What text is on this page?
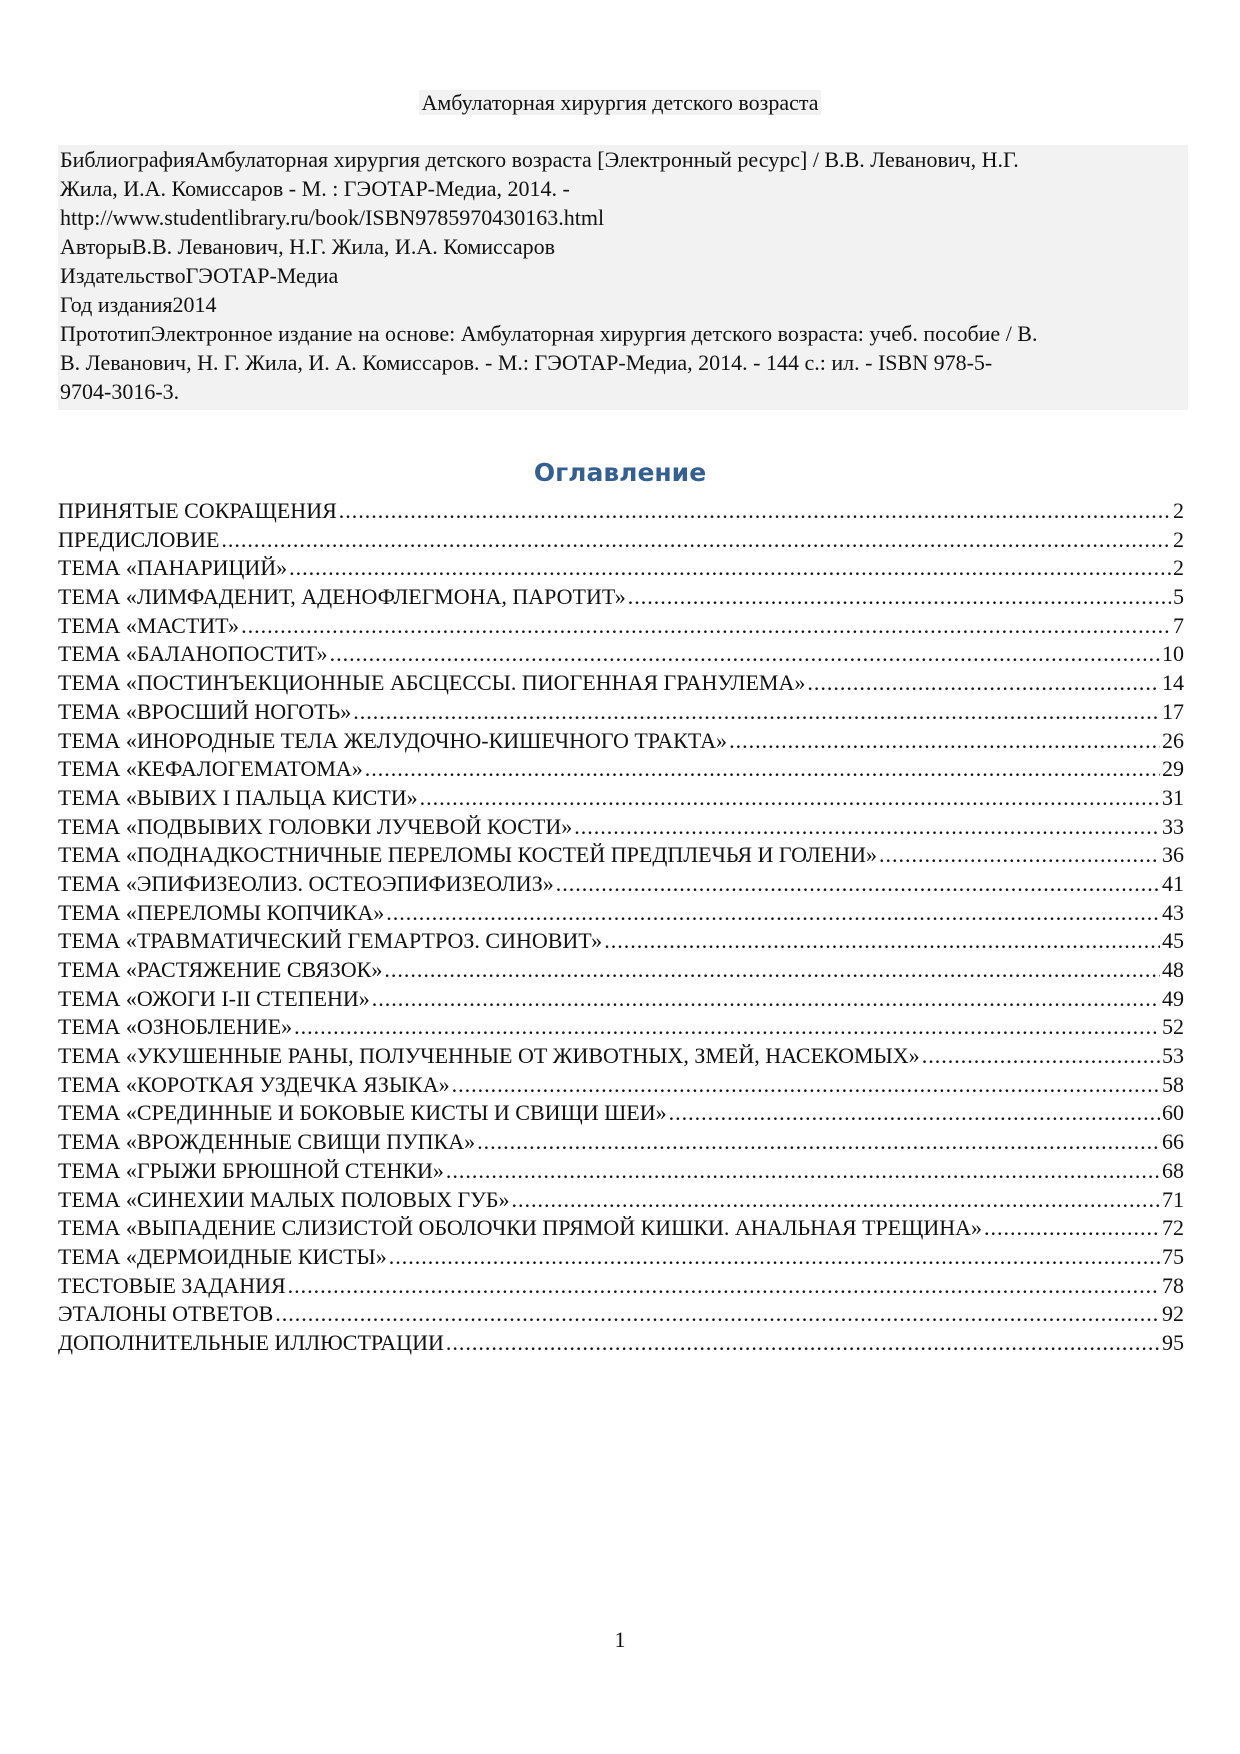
Амбулаторная хирургия детского возраста
БиблиографияАмбулаторная хирургия детского возраста [Электронный ресурс] / В.В. Леванович, Н.Г.
Жила, И.А. Комиссаров - М. : ГЭОТАР-Медиа, 2014. -
http://www.studentlibrary.ru/book/ISBN9785970430163.html
АвторыВ.В. Леванович, Н.Г. Жила, И.А. Комиссаров
ИздательствоГЭОТАР-Медиа
Год издания2014
ПрототипЭлектронное издание на основе: Амбулаторная хирургия детского возраста: учеб. пособие / В.
В. Леванович, Н. Г. Жила, И. А. Комиссаров. - М.: ГЭОТАР-Медиа, 2014. - 144 с.: ил. - ISBN 978-5-
9704-3016-3.
Оглавление
ПРИНЯТЫЕ СОКРАЩЕНИЯ .....	2
ПРЕДИСЛОВИЕ .....	2
ТЕМА «ПАНАРИЦИЙ» .....	2
ТЕМА «ЛИМФАДЕНИТ, АДЕНОФЛЕГМОНА, ПАРОТИТ» .....	5
ТЕМА «МАСТИТ» .....	7
ТЕМА «БАЛАНОПОСТИТ» .....	10
ТЕМА «ПОСТИНЪЕКЦИОННЫЕ АБСЦЕССЫ. ПИОГЕННАЯ ГРАНУЛЕМА» .....	14
ТЕМА «ВРОСШИЙ НОГОТЬ» .....	17
ТЕМА «ИНОРОДНЫЕ ТЕЛА ЖЕЛУДОЧНО-КИШЕЧНОГО ТРАКТА» .....	26
ТЕМА «КЕФАЛОГЕМАТОМА» .....	29
ТЕМА «ВЫВИХ I ПАЛЬЦА КИСТИ» .....	31
ТЕМА «ПОДВЫВИХ ГОЛОВКИ ЛУЧЕВОЙ КОСТИ» .....	33
ТЕМА «ПОДНАДКОСТНИЧНЫЕ ПЕРЕЛОМЫ КОСТЕЙ ПРЕДПЛЕЧЬЯ И ГОЛЕНИ» .....	36
ТЕМА «ЭПИФИЗЕОЛИЗ. ОСТЕОЭПИФИЗЕОЛИЗ» .....	41
ТЕМА «ПЕРЕЛОМЫ КОПЧИКА» .....	43
ТЕМА «ТРАВМАТИЧЕСКИЙ ГЕМАРТРОЗ. СИНОВИТ» .....	45
ТЕМА «РАСТЯЖЕНИЕ СВЯЗОК» .....	48
ТЕМА «ОЖОГИ I-II СТЕПЕНИ» .....	49
ТЕМА «ОЗНОБЛЕНИЕ» .....	52
ТЕМА «УКУШЕННЫЕ РАНЫ, ПОЛУЧЕННЫЕ ОТ ЖИВОТНЫХ, ЗМЕЙ, НАСЕКОМЫХ» .....	53
ТЕМА «КОРОТКАЯ УЗДЕЧКА ЯЗЫКА» .....	58
ТЕМА «СРЕДИННЫЕ И БОКОВЫЕ КИСТЫ И СВИЩИ ШЕИ» .....	60
ТЕМА «ВРОЖДЕННЫЕ СВИЩИ ПУПКА» .....	66
ТЕМА «ГРЫЖИ БРЮШНОЙ СТЕНКИ» .....	68
ТЕМА «СИНЕХИИ МАЛЫХ ПОЛОВЫХ ГУБ» .....	71
ТЕМА «ВЫПАДЕНИЕ СЛИЗИСТОЙ ОБОЛОЧКИ ПРЯМОЙ КИШКИ. АНАЛЬНАЯ ТРЕЩИНА» .....	72
ТЕМА «ДЕРМОИДНЫЕ КИСТЫ» .....	75
ТЕСТОВЫЕ ЗАДАНИЯ .....	78
ЭТАЛОНЫ ОТВЕТОВ .....	92
ДОПОЛНИТЕЛЬНЫЕ ИЛЛЮСТРАЦИИ .....	95
1
